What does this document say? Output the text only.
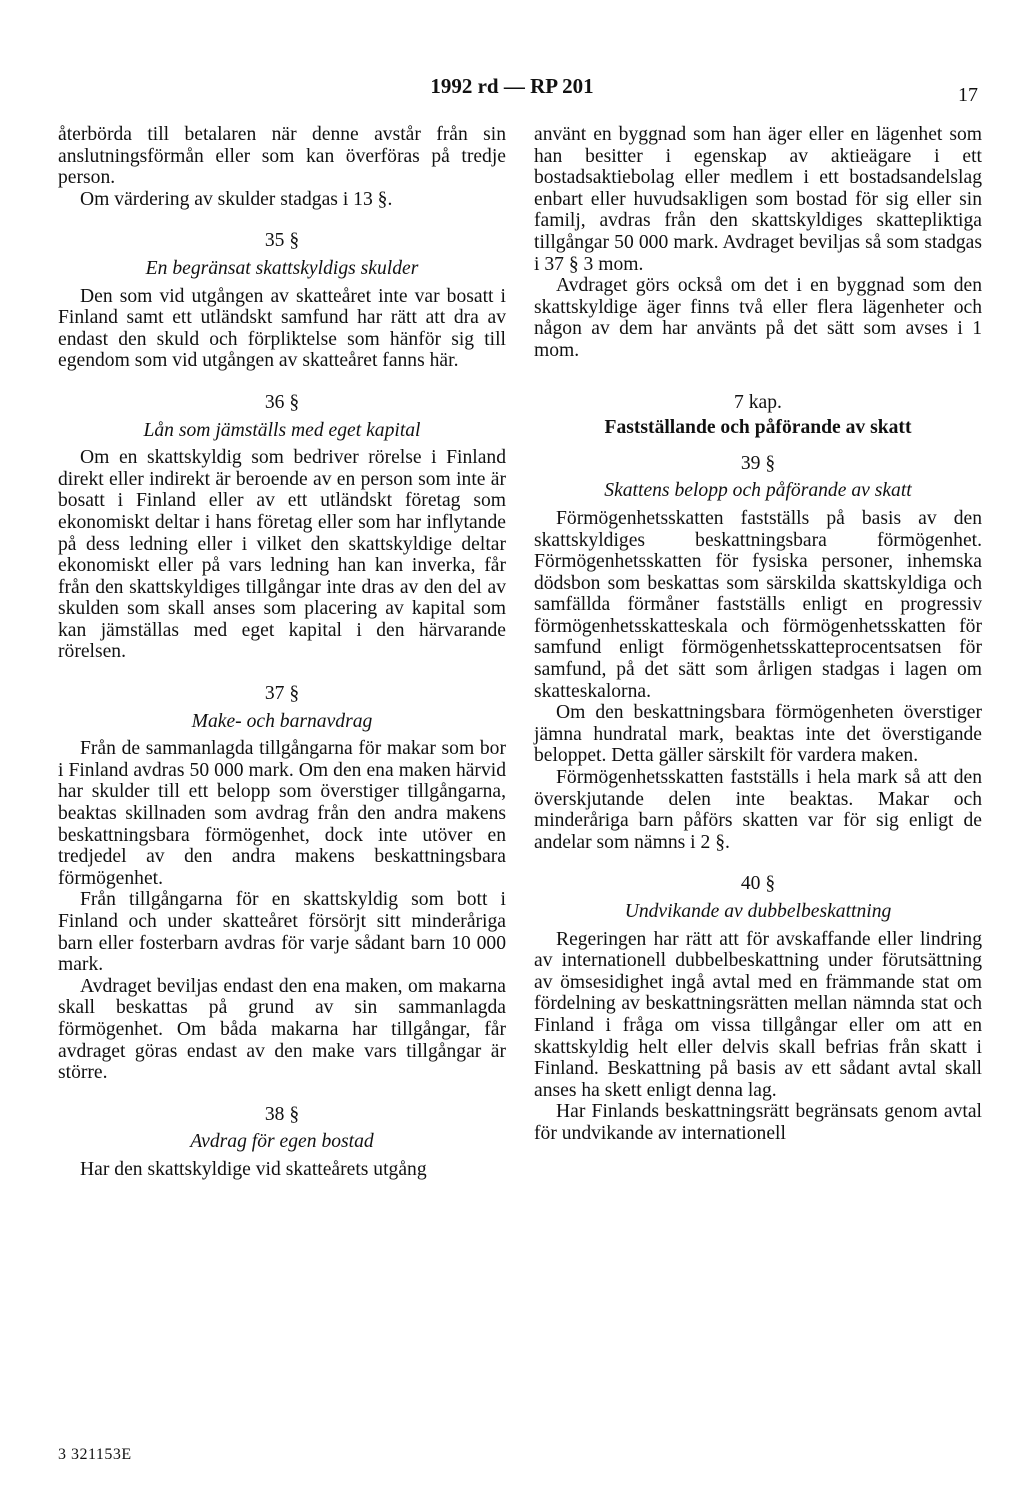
1992 rd — RP 201	17

återbörda till betalaren när denne avstår från sin anslutningsförmån eller som kan överföras på tredje person.

Om värdering av skulder stadgas i 13 §.

35 §
En begränsat skattskyldigs skulder

Den som vid utgången av skatteåret inte var bosatt i Finland samt ett utländskt samfund har rätt att dra av endast den skuld och förpliktelse som hänför sig till egendom som vid utgången av skatteåret fanns här.

36 §
Lån som jämställs med eget kapital

Om en skattskyldig som bedriver rörelse i Finland direkt eller indirekt är beroende av en person som inte är bosatt i Finland eller av ett utländskt företag som ekonomiskt deltar i hans företag eller som har inflytande på dess ledning eller i vilket den skattskyldige deltar ekonomiskt eller på vars ledning han kan inverka, får från den skattskyldiges tillgångar inte dras av den del av skulden som skall anses som placering av kapital som kan jämställas med eget kapital i den härvarande rörelsen.

37 §
Make- och barnavdrag

Från de sammanlagda tillgångarna för makar som bor i Finland avdras 50 000 mark. Om den ena maken härvid har skulder till ett belopp som överstiger tillgångarna, beaktas skillnaden som avdrag från den andra makens beskattningsbara förmögenhet, dock inte utöver en tredjedel av den andra makens beskattningsbara förmögenhet.

Från tillgångarna för en skattskyldig som bott i Finland och under skatteåret försörjt sitt minderåriga barn eller fosterbarn avdras för varje sådant barn 10 000 mark.

Avdraget beviljas endast den ena maken, om makarna skall beskattas på grund av sin sammanlagda förmögenhet. Om båda makarna har tillgångar, får avdraget göras endast av den make vars tillgångar är större.

38 §
Avdrag för egen bostad

Har den skattskyldige vid skatteårets utgång

använt en byggnad som han äger eller en lägenhet som han besitter i egenskap av aktieägare i ett bostadsaktiebolag eller medlem i ett bostadsandelslag enbart eller huvudsakligen som bostad för sig eller sin familj, avdras från den skattskyldiges skattepliktiga tillgångar 50 000 mark. Avdraget beviljas så som stadgas i 37 § 3 mom.

Avdraget görs också om det i en byggnad som den skattskyldige äger finns två eller flera lägenheter och någon av dem har använts på det sätt som avses i 1 mom.

7 kap.
Fastställande och påförande av skatt
39 §
Skattens belopp och påförande av skatt

Förmögenhetsskatten fastställs på basis av den skattskyldiges beskattningsbara förmögenhet. Förmögenhetsskatten för fysiska personer, inhemska dödsbon som beskattas som särskilda skattskyldiga och samfällda förmåner fastställs enligt en progressiv förmögenhetsskatteskala och förmögenhetsskatten för samfund enligt förmögenhetsskatteprocentsatsen för samfund, på det sätt som årligen stadgas i lagen om skatteskalorna.

Om den beskattningsbara förmögenheten överstiger jämna hundratal mark, beaktas inte det överstigande beloppet. Detta gäller särskilt för vardera maken.

Förmögenhetsskatten fastställs i hela mark så att den överskjutande delen inte beaktas. Makar och minderåriga barn påförs skatten var för sig enligt de andelar som nämns i 2 §.

40 §
Undvikande av dubbelbeskattning

Regeringen har rätt att för avskaffande eller lindring av internationell dubbelbeskattning under förutsättning av ömsesidighet ingå avtal med en främmande stat om fördelning av beskattningsrätten mellan nämnda stat och Finland i fråga om vissa tillgångar eller om att en skattskyldig helt eller delvis skall befrias från skatt i Finland. Beskattning på basis av ett sådant avtal skall anses ha skett enligt denna lag.

Har Finlands beskattningsrätt begränsats genom avtal för undvikande av internationell

3 321153E
